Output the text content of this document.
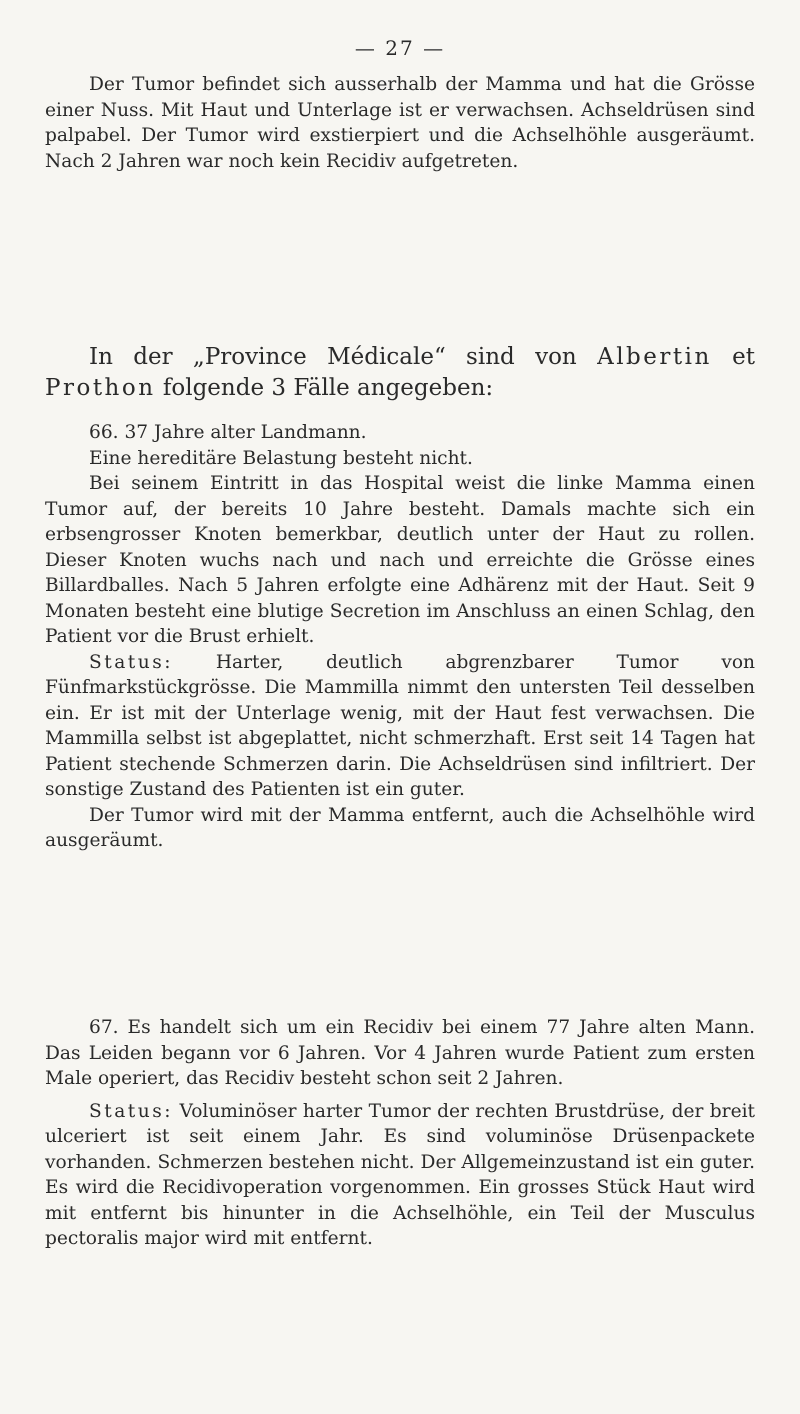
— 27 —

Der Tumor befindet sich ausserhalb der Mamma und hat die Grösse einer Nuss. Mit Haut und Unterlage ist er verwachsen. Achseldrüsen sind palpabel. Der Tumor wird exstierpiert und die Achselhöhle ausgeräumt. Nach 2 Jahren war noch kein Recidiv aufgetreten.

In der „Province Médicale“ sind von Albertin et Prothon folgende 3 Fälle angegeben:

66. 37 Jahre alter Landmann.

Eine hereditäre Belastung besteht nicht.

Bei seinem Eintritt in das Hospital weist die linke Mamma einen Tumor auf, der bereits 10 Jahre besteht. Damals machte sich ein erbsengrosser Knoten bemerkbar, deutlich unter der Haut zu rollen. Dieser Knoten wuchs nach und nach und erreichte die Grösse eines Billardballes. Nach 5 Jahren erfolgte eine Adhärenz mit der Haut. Seit 9 Monaten besteht eine blutige Secretion im Anschluss an einen Schlag, den Patient vor die Brust erhielt.

Status: Harter, deutlich abgrenzbarer Tumor von Fünfmarkstückgrösse. Die Mammilla nimmt den untersten Teil desselben ein. Er ist mit der Unterlage wenig, mit der Haut fest verwachsen. Die Mammilla selbst ist abgeplattet, nicht schmerzhaft. Erst seit 14 Tagen hat Patient stechende Schmerzen darin. Die Achseldrüsen sind infiltriert. Der sonstige Zustand des Patienten ist ein guter.

Der Tumor wird mit der Mamma entfernt, auch die Achselhöhle wird ausgeräumt.

67. Es handelt sich um ein Recidiv bei einem 77 Jahre alten Mann. Das Leiden begann vor 6 Jahren. Vor 4 Jahren wurde Patient zum ersten Male operiert, das Recidiv besteht schon seit 2 Jahren.

Status: Voluminöser harter Tumor der rechten Brustdrüse, der breit ulceriert ist seit einem Jahr. Es sind voluminöse Drüsenpackete vorhanden. Schmerzen bestehen nicht. Der Allgemeinzustand ist ein guter. Es wird die Recidivoperation vorgenommen. Ein grosses Stück Haut wird mit entfernt bis hinunter in die Achselhöhle, ein Teil der Musculus pectoralis major wird mit entfernt.
